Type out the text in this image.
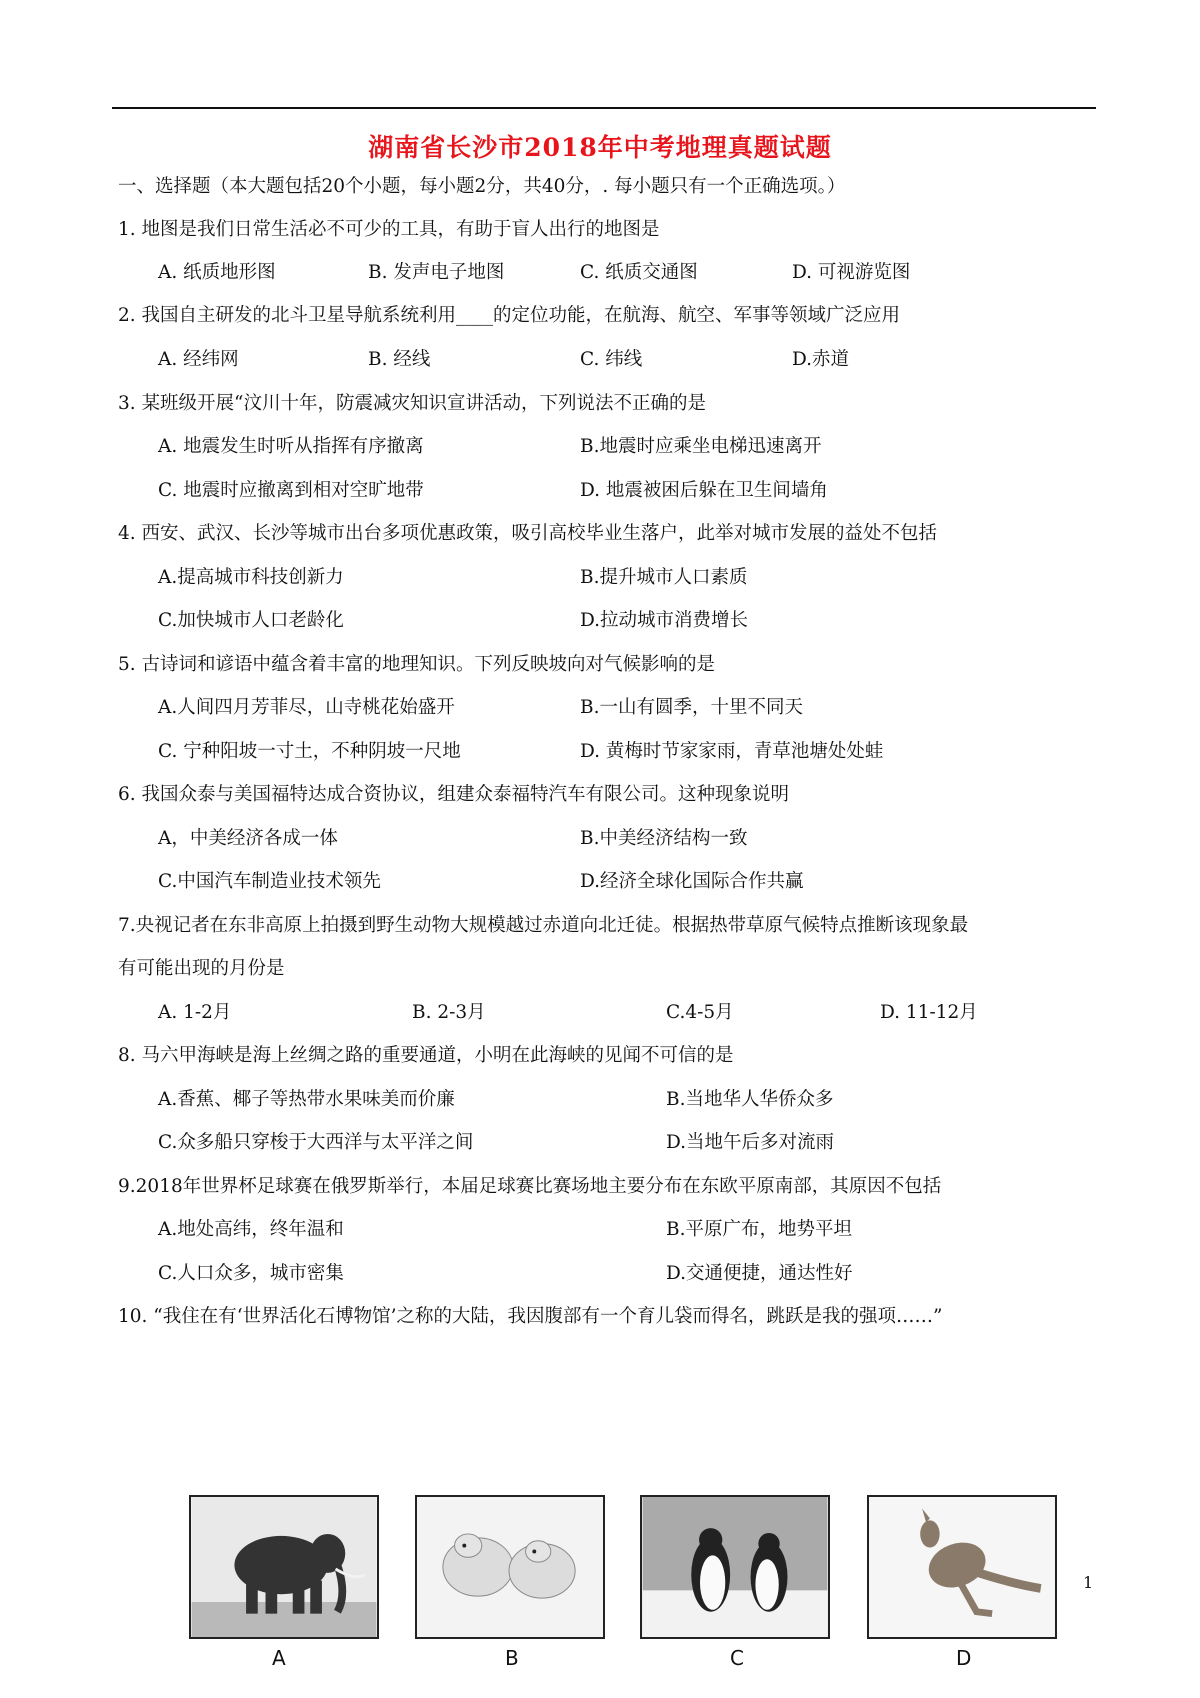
湖南省长沙市2018年中考地理真题试题
一、选择题（本大题包括20个小题，每小题2分，共40分，. 每小题只有一个正确选项。）
1. 地图是我们日常生活必不可少的工具，有助于盲人出行的地图是
A. 纸质地形图	B. 发声电子地图	C. 纸质交通图	D. 可视游览图
2. 我国自主研发的北斗卫星导航系统利用____的定位功能，在航海、航空、军事等领域广泛应用
A. 经纬网	B. 经线	C. 纬线	D.赤道
3. 某班级开展“汶川十年，防震减灾知识宣讲活动，下列说法不正确的是
A. 地震发生时听从指挥有序撤离	B.地震时应乘坐电梯迅速离开
C. 地震时应撤离到相对空旷地带	D. 地震被困后躲在卫生间墙角
4. 西安、武汉、长沙等城市出台多项优惠政策，吸引高校毕业生落户，此举对城市发展的益处不包括
A.提高城市科技创新力	B.提升城市人口素质
C.加快城市人口老龄化	D.拉动城市消费增长
5. 古诗词和谚语中蕴含着丰富的地理知识。下列反映坡向对气候影响的是
A.人间四月芳菲尽，山寺桃花始盛开	B.一山有圆季，十里不同天
C. 宁种阳坡一寸土，不种阴坡一尺地	D. 黄梅时节家家雨，青草池塘处处蛙
6. 我国众泰与美国福特达成合资协议，组建众泰福特汽车有限公司。这种现象说明
A，中美经济各成一体	B.中美经济结构一致
C.中国汽车制造业技术领先	D.经济全球化国际合作共赢
7.央视记者在东非高原上拍摄到野生动物大规模越过赤道向北迁徒。根据热带草原气候特点推断该现象最
有可能出现的月份是
A. 1-2月	B. 2-3月	C.4-5月	D. 11-12月
8. 马六甲海峡是海上丝绸之路的重要通道，小明在此海峡的见闻不可信的是
A.香蕉、椰子等热带水果味美而价廉	B.当地华人华侨众多
C.众多船只穿梭于大西洋与太平洋之间	D.当地午后多对流雨
9.2018年世界杯足球赛在俄罗斯举行，本届足球赛比赛场地主要分布在东欧平原南部，其原因不包括
A.地处高纬，终年温和	B.平原广布，地势平坦
C.人口众多，城市密集	D.交通便捷，通达性好
10. “我住在有‘世界活化石博物馆’之称的大陆，我因腹部有一个育儿袋而得名，跳跃是我的强项……”
A	B	C	D
1
